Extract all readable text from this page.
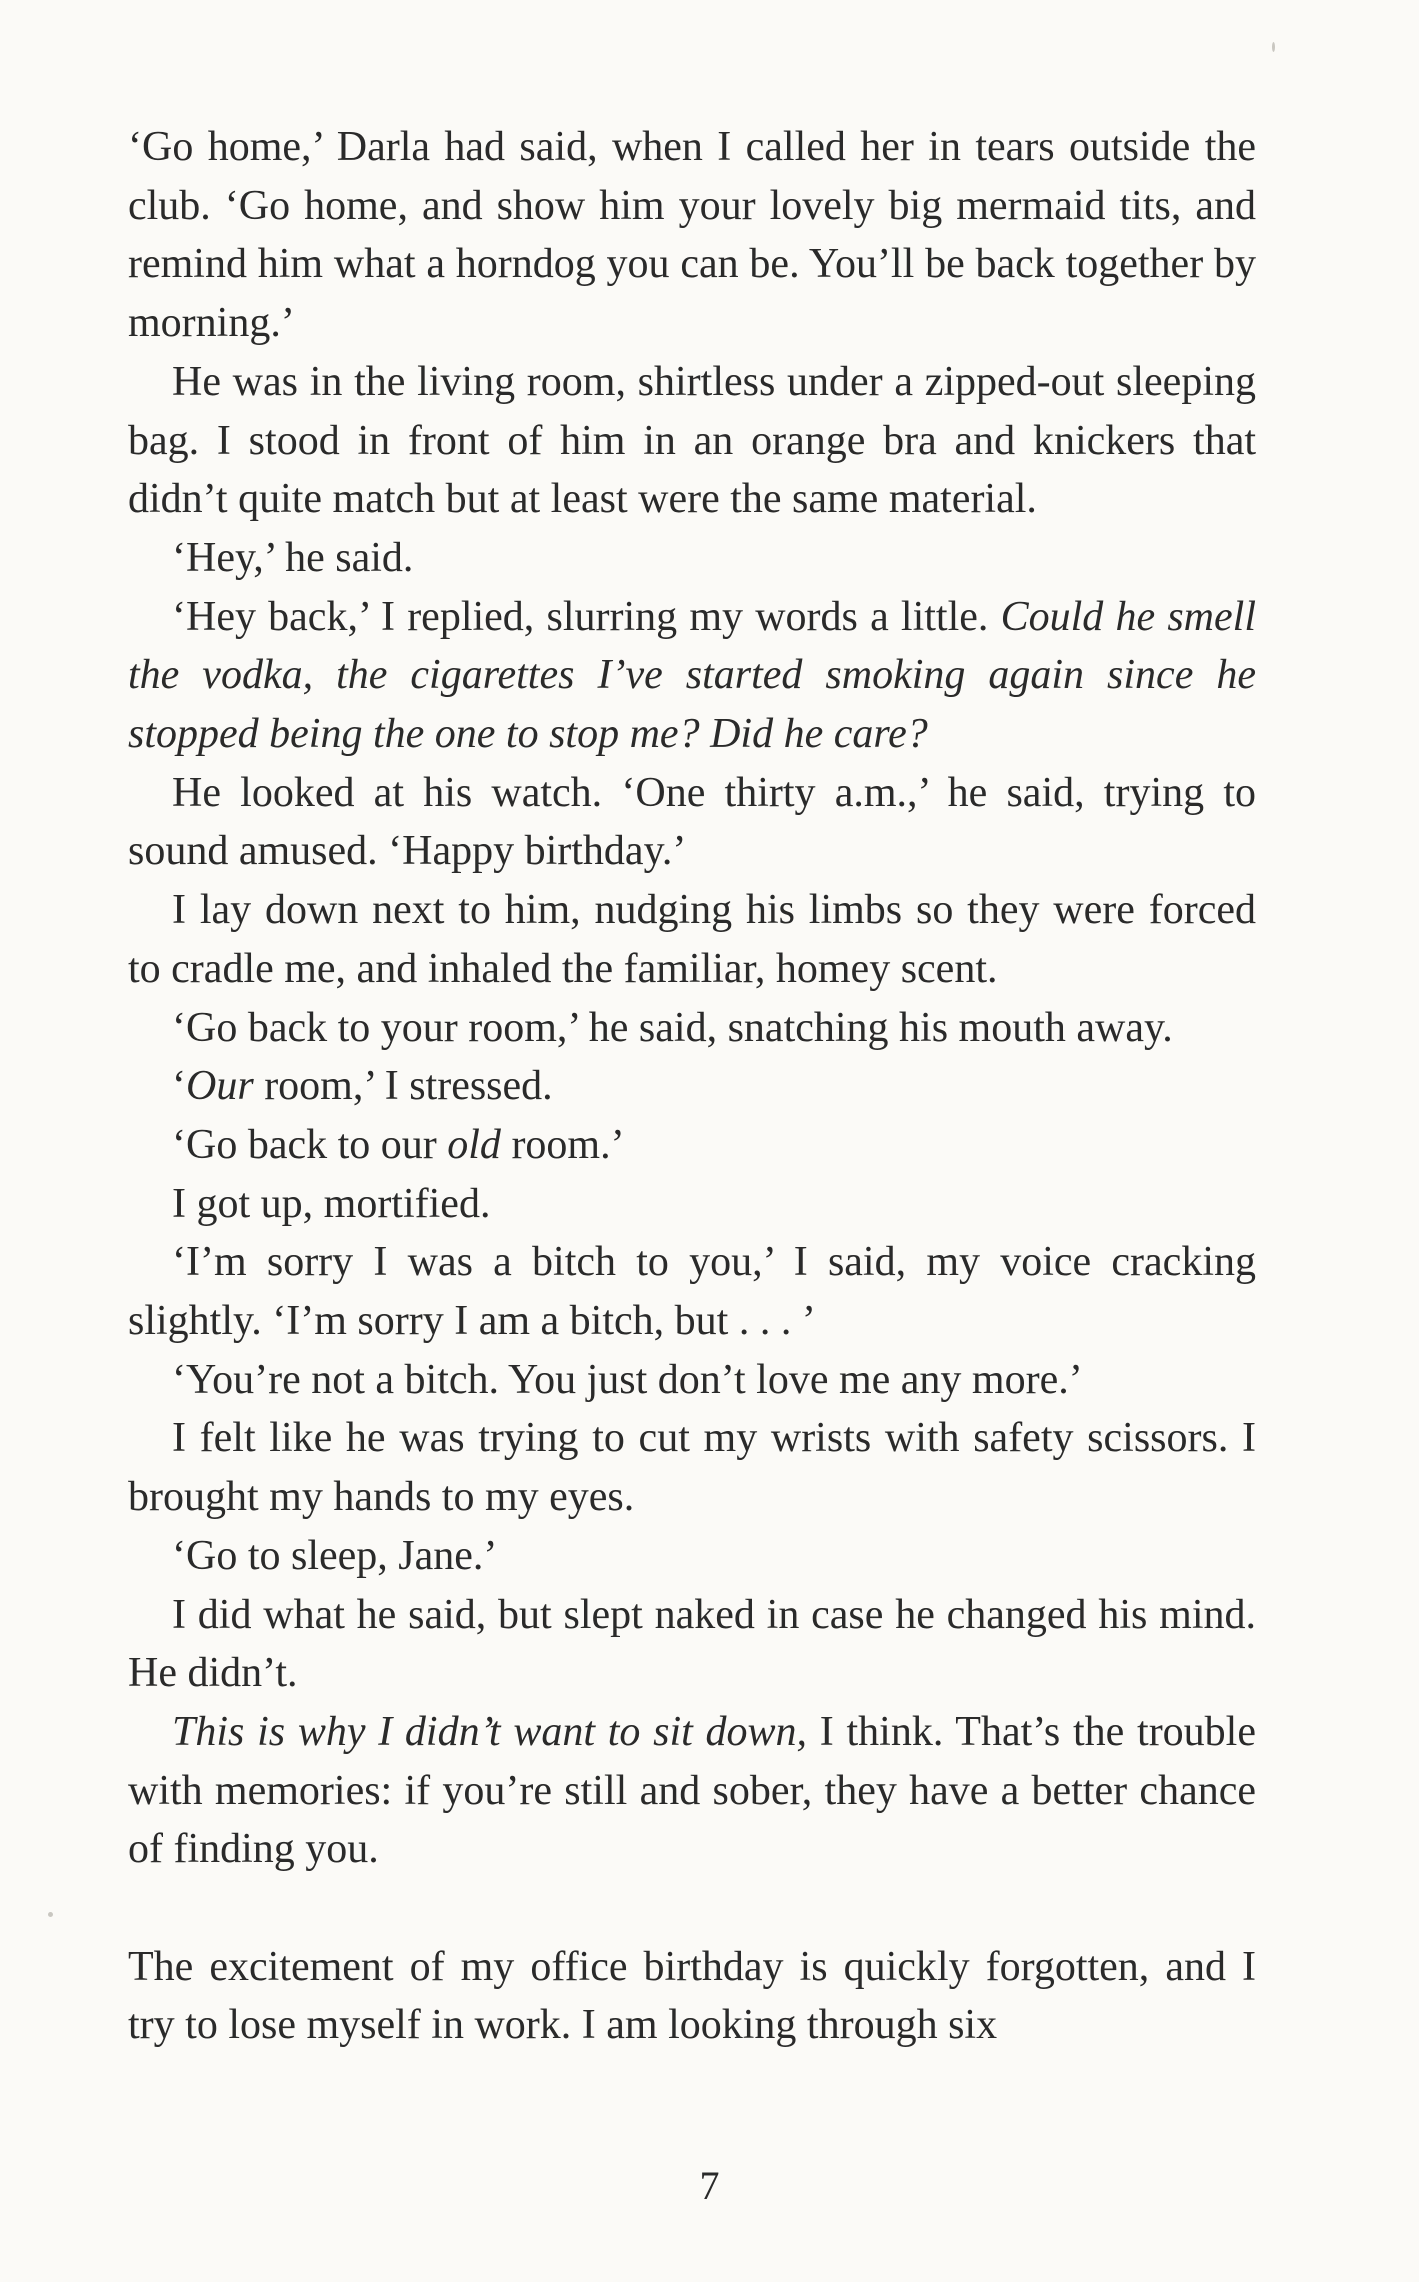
‘Go home,’ Darla had said, when I called her in tears outside the club. ‘Go home, and show him your lovely big mermaid tits, and remind him what a horndog you can be. You’ll be back together by morning.’

He was in the living room, shirtless under a zipped-out sleeping bag. I stood in front of him in an orange bra and knickers that didn’t quite match but at least were the same material.

‘Hey,’ he said.

‘Hey back,’ I replied, slurring my words a little. Could he smell the vodka, the cigarettes I’ve started smoking again since he stopped being the one to stop me? Did he care?

He looked at his watch. ‘One thirty a.m.,’ he said, trying to sound amused. ‘Happy birthday.’

I lay down next to him, nudging his limbs so they were forced to cradle me, and inhaled the familiar, homey scent.

‘Go back to your room,’ he said, snatching his mouth away.

‘Our room,’ I stressed.

‘Go back to our old room.’

I got up, mortified.

‘I’m sorry I was a bitch to you,’ I said, my voice cracking slightly. ‘I’m sorry I am a bitch, but . . . ’

‘You’re not a bitch. You just don’t love me any more.’

I felt like he was trying to cut my wrists with safety scissors. I brought my hands to my eyes.

‘Go to sleep, Jane.’

I did what he said, but slept naked in case he changed his mind. He didn’t.

This is why I didn’t want to sit down, I think. That’s the trouble with memories: if you’re still and sober, they have a better chance of finding you.

The excitement of my office birthday is quickly forgotten, and I try to lose myself in work. I am looking through six

7
